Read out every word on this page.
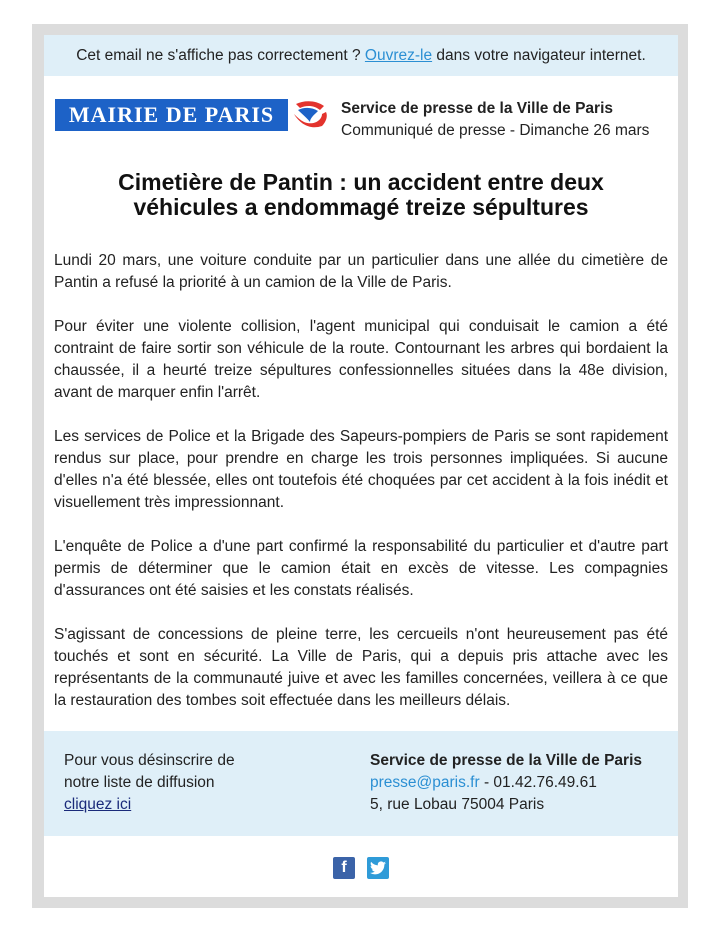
Cet email ne s'affiche pas correctement ? Ouvrez-le dans votre navigateur internet.
MAIRIE DE PARIS	Service de presse de la Ville de Paris
Communiqué de presse - Dimanche 26 mars
Cimetière de Pantin : un accident entre deux véhicules a endommagé treize sépultures

Lundi 20 mars, une voiture conduite par un particulier dans une allée du cimetière de Pantin a refusé la priorité à un camion de la Ville de Paris.

Pour éviter une violente collision, l'agent municipal qui conduisait le camion a été contraint de faire sortir son véhicule de la route. Contournant les arbres qui bordaient la chaussée, il a heurté treize sépultures confessionnelles situées dans la 48e division, avant de marquer enfin l'arrêt.

Les services de Police et la Brigade des Sapeurs-pompiers de Paris se sont rapidement rendus sur place, pour prendre en charge les trois personnes impliquées. Si aucune d'elles n'a été blessée, elles ont toutefois été choquées par cet accident à la fois inédit et visuellement très impressionnant.

L'enquête de Police a d'une part confirmé la responsabilité du particulier et d'autre part permis de déterminer que le camion était en excès de vitesse. Les compagnies d'assurances ont été saisies et les constats réalisés.

S'agissant de concessions de pleine terre, les cercueils n'ont heureusement pas été touchés et sont en sécurité. La Ville de Paris, qui a depuis pris attache avec les représentants de la communauté juive et avec les familles concernées, veillera à ce que la restauration des tombes soit effectuée dans les meilleurs délais.

Pour vous désinscrire de
notre liste de diffusion
cliquez ici
Service de presse de la Ville de Paris
presse@paris.fr - 01.42.76.49.61
5, rue Lobau 75004 Paris
f
